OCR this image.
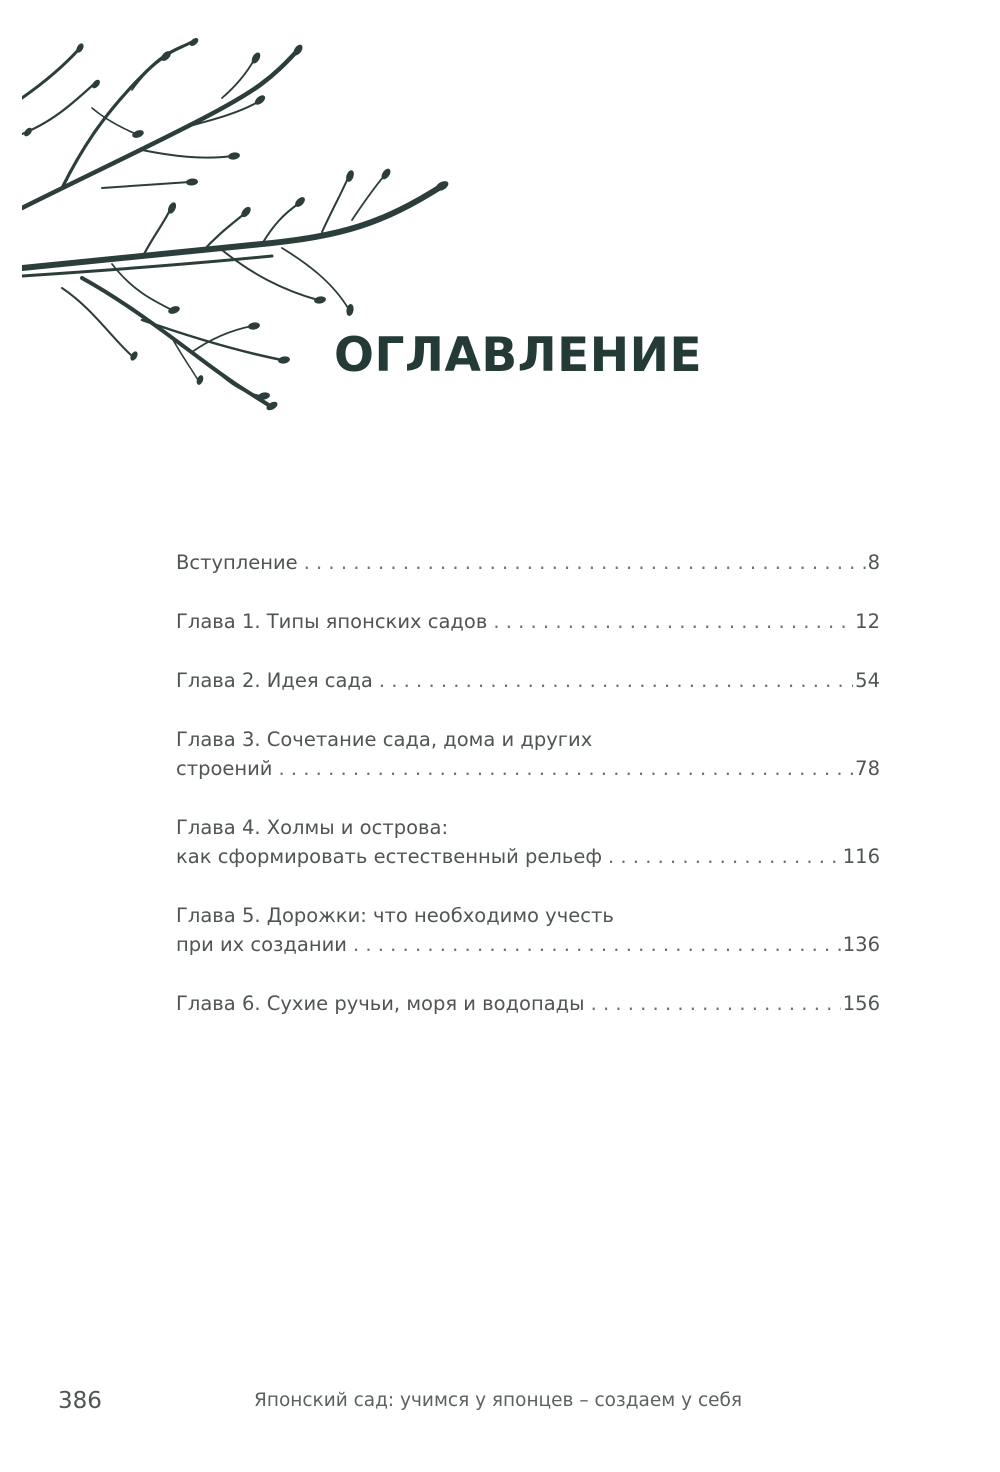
ОГЛАВЛЕНИЕ
Вступление . . .	8
Глава 1. Типы японских садов . . .	12
Глава 2. Идея сада . . .	54
Глава 3. Сочетание сада, дома и других
строений . . .	78
Глава 4. Холмы и острова:
как сформировать естественный рельеф . . .	116
Глава 5. Дорожки: что необходимо учесть
при их создании . . .	136
Глава 6. Сухие ручьи, моря и водопады . . .	156
386	Японский сад: учимся у японцев – создаем у себя
